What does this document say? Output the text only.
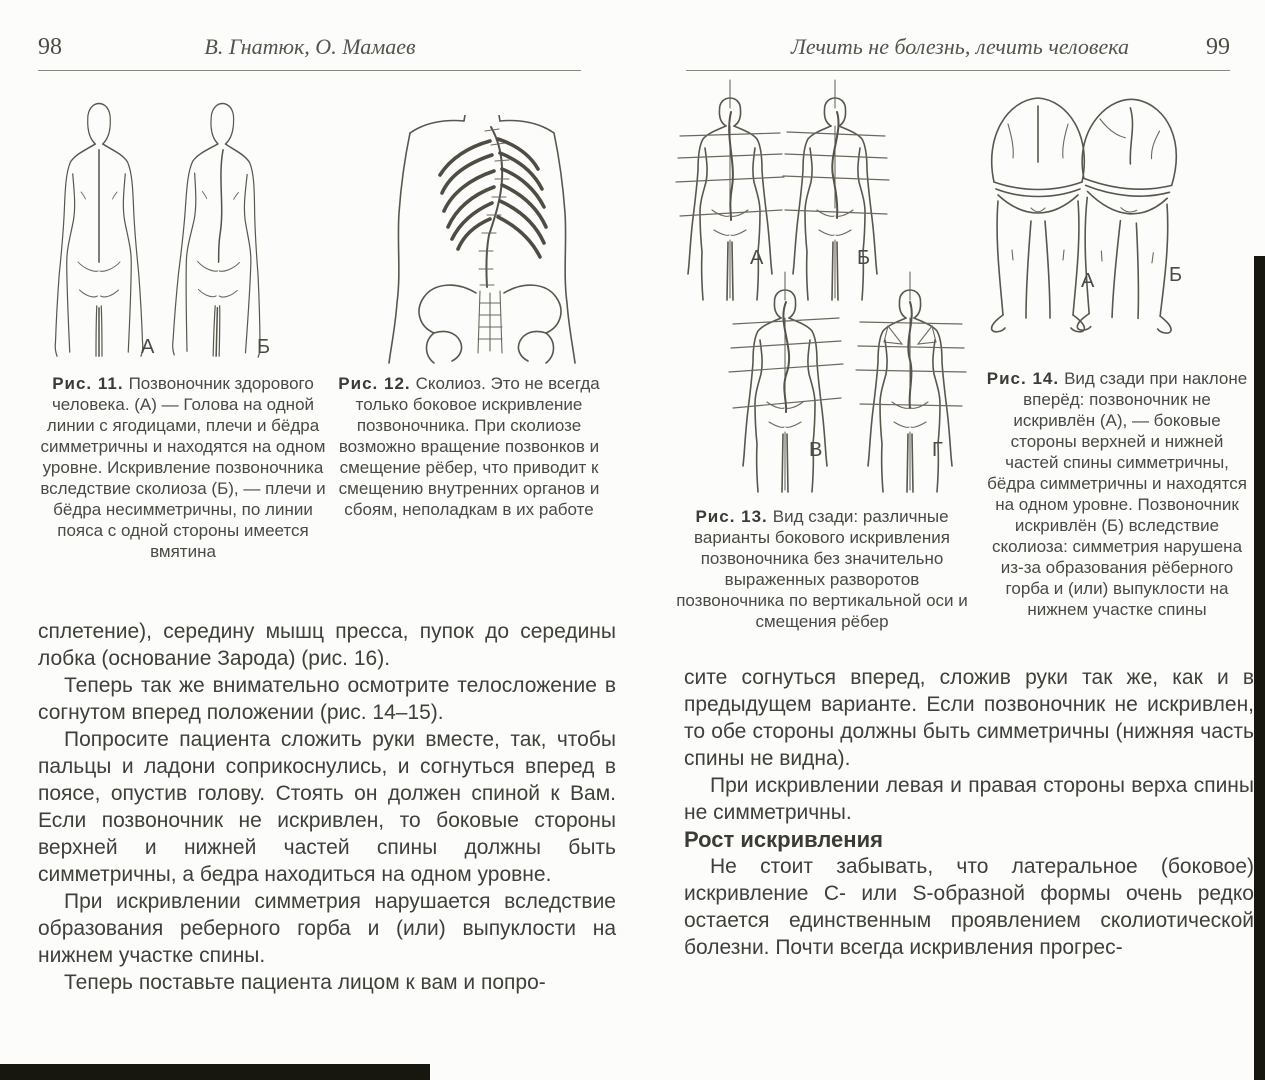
98	В. Гнатюк, О. Мамаев
А	Б
Рис. 11. Позвоночник здорового человека. (А) — Голова на одной линии с ягодицами, плечи и бёдра симметричны и находятся на одном уровне. Искривление позвоночника вследствие сколиоза (Б), — плечи и бёдра несимметричны, по линии пояса с одной стороны имеется вмятина
Рис. 12. Сколиоз. Это не всегда только боковое искривление позвоночника. При сколиозе возможно вращение позвонков и смещение рёбер, что приводит к смещению внутренних органов и сбоям, неполадкам в их работе

сплетение), середину мышц пресса, пупок до середины лобка (основание Зарода) (рис. 16).

Теперь так же внимательно осмотрите телосложение в согнутом вперед положении (рис. 14–15).

Попросите пациента сложить руки вместе, так, чтобы пальцы и ладони соприкоснулись, и согнуться вперед в поясе, опустив голову. Стоять он должен спиной к Вам. Если позвоночник не искривлен, то боковые стороны верхней и нижней частей спины должны быть симметричны, а бедра находиться на одном уровне.

При искривлении симметрия нарушается вследствие образования реберного горба и (или) выпуклости на нижнем участке спины.

Теперь поставьте пациента лицом к вам и попро-

Лечить не болезнь, лечить человека	99
А	Б
В	Г
А	Б
Рис. 14. Вид сзади при наклоне вперёд: позвоночник не искривлён (А), — боковые стороны верхней и нижней частей спины симметричны, бёдра симметричны и находятся на одном уровне. Позвоночник искривлён (Б) вследствие сколиоза: симметрия нарушена из-за образования рёберного горба и (или) выпуклости на нижнем участке спины
Рис. 13. Вид сзади: различные варианты бокового искривления позвоночника без значительно выраженных разворотов позвоночника по вертикальной оси и смещения рёбер

сите согнуться вперед, сложив руки так же, как и в предыдущем варианте. Если позвоночник не искривлен, то обе стороны должны быть симметричны (нижняя часть спины не видна).

При искривлении левая и правая стороны верха спины не симметричны.

Рост искривления

Не стоит забывать, что латеральное (боковое) искривление С- или S-образной формы очень редко остается единственным проявлением сколиотической болезни. Почти всегда искривления прогрес-
